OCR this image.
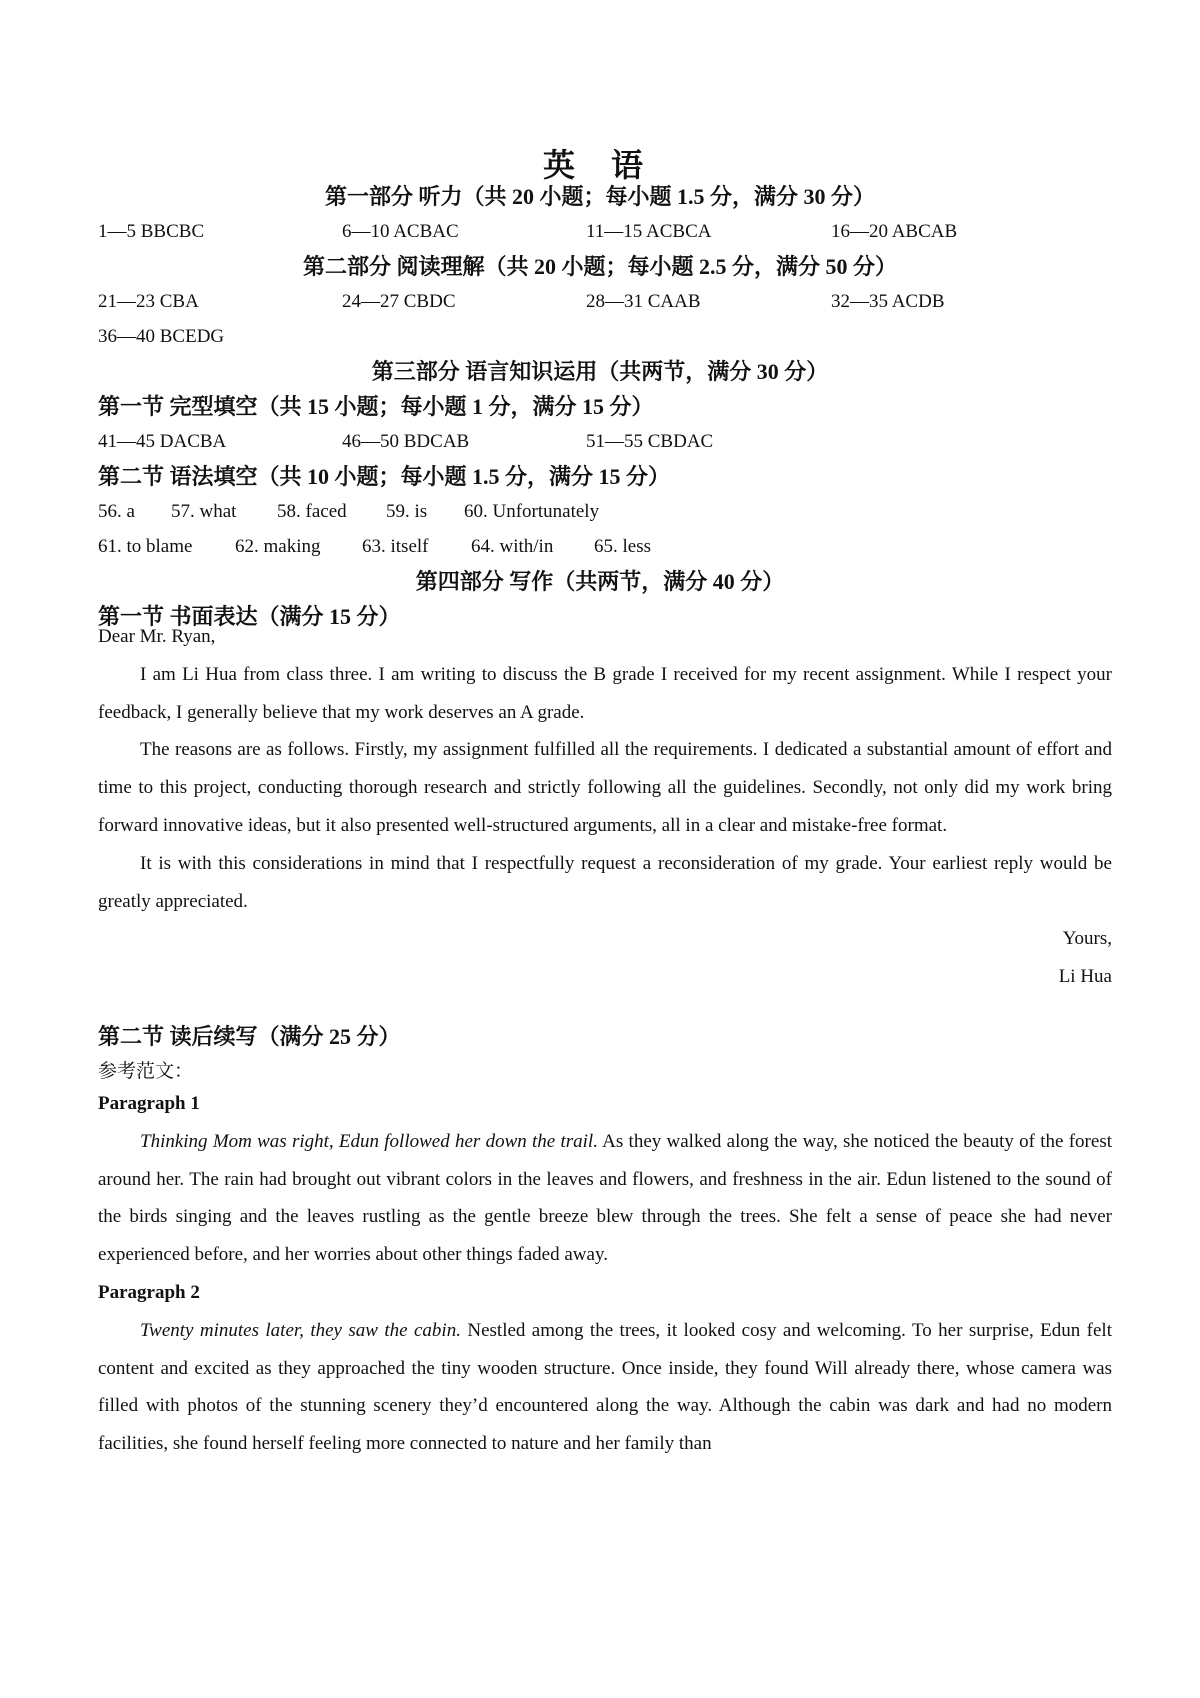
英 语
第一部分 听力（共 20 小题；每小题 1.5 分，满分 30 分）
1—5 BBCBC	6—10 ACBAC	11—15 ACBCA	16—20 ABCAB
第二部分 阅读理解（共 20 小题；每小题 2.5 分，满分 50 分）
21—23 CBA	24—27 CBDC	28—31 CAAB	32—35 ACDB
36—40 BCEDG
第三部分 语言知识运用（共两节，满分 30 分）
第一节 完型填空（共 15 小题；每小题 1 分，满分 15 分）
41—45 DACBA	46—50 BDCAB	51—55 CBDAC
第二节 语法填空（共 10 小题；每小题 1.5 分，满分 15 分）
56. a 57. what 58. faced 59. is 60. Unfortunately
61. to blame 62. making 63. itself 64. with/in 65. less
第四部分 写作（共两节，满分 40 分）
第一节 书面表达（满分 15 分）

Dear Mr. Ryan,

I am Li Hua from class three. I am writing to discuss the B grade I received for my recent assignment. While I respect your feedback, I generally believe that my work deserves an A grade.

The reasons are as follows. Firstly, my assignment fulfilled all the requirements. I dedicated a substantial amount of effort and time to this project, conducting thorough research and strictly following all the guidelines. Secondly, not only did my work bring forward innovative ideas, but it also presented well-structured arguments, all in a clear and mistake-free format.

It is with this considerations in mind that I respectfully request a reconsideration of my grade. Your earliest reply would be greatly appreciated.

Yours,

Li Hua

第二节 读后续写（满分 25 分）
参考范文：

Paragraph 1

Thinking Mom was right, Edun followed her down the trail. As they walked along the way, she noticed the beauty of the forest around her. The rain had brought out vibrant colors in the leaves and flowers, and freshness in the air. Edun listened to the sound of the birds singing and the leaves rustling as the gentle breeze blew through the trees. She felt a sense of peace she had never experienced before, and her worries about other things faded away.

Paragraph 2

Twenty minutes later, they saw the cabin. Nestled among the trees, it looked cosy and welcoming. To her surprise, Edun felt content and excited as they approached the tiny wooden structure. Once inside, they found Will already there, whose camera was filled with photos of the stunning scenery they’d encountered along the way. Although the cabin was dark and had no modern facilities, she found herself feeling more connected to nature and her family than
